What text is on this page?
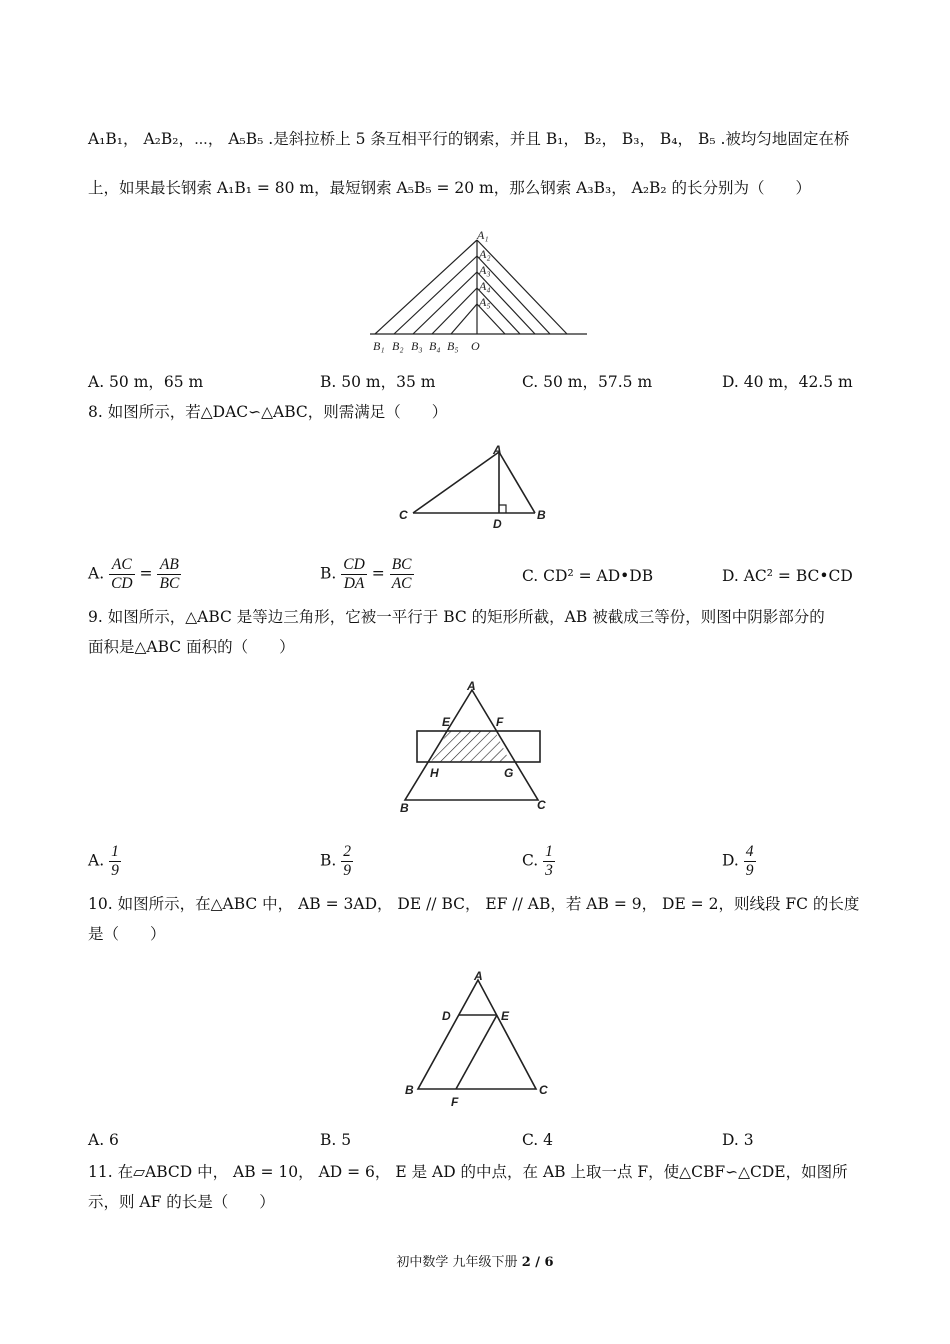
A₁B₁， A₂B₂，⋯， A₅B₅ .是斜拉桥上 5 条互相平行的钢索，并且 B₁， B₂， B₃， B₄， B₅ .被均匀地固定在桥
上，如果最长钢索 A₁B₁ = 80 m，最短钢索 A₅B₅ = 20 m，那么钢索 A₃B₃， A₂B₂ 的长分别为（　　）
A₁
A₂
A₃
A₄
A₅
B₁ B₂ B₃ B₄ B₅ O
A. 50 m，65 m	B. 50 m，35 m	C. 50 m，57.5 m	D. 40 m，42.5 m
8. 如图所示，若△DAC∽△ABC，则需满足（　　）
A
C
D
B
A. $\frac{AC}{CD} = \frac{AB}{BC}$	B. $\frac{CD}{DA} = \frac{BC}{AC}$	C. CD² = AD•DB	D. AC² = BC•CD
9. 如图所示，△ABC 是等边三角形，它被一平行于 BC 的矩形所截，AB 被截成三等份，则图中阴影部分的
面积是△ABC 面积的（　　）
A
E	F
H	G
B	C
A. $\frac{1}{9}$	B. $\frac{2}{9}$	C. $\frac{1}{3}$	D. $\frac{4}{9}$
10. 如图所示，在△ABC 中， AB = 3AD， DE // BC， EF // AB，若 AB = 9， DE = 2，则线段 FC 的长度
是（　　）
A
D	E
B
F
C
A. 6	B. 5	C. 4	D. 3
11. 在▱ABCD 中， AB = 10， AD = 6， E 是 AD 的中点，在 AB 上取一点 F，使△CBF∽△CDE，如图所
示，则 AF 的长是（　　）
初中数学 九年级下册 2 / 6
